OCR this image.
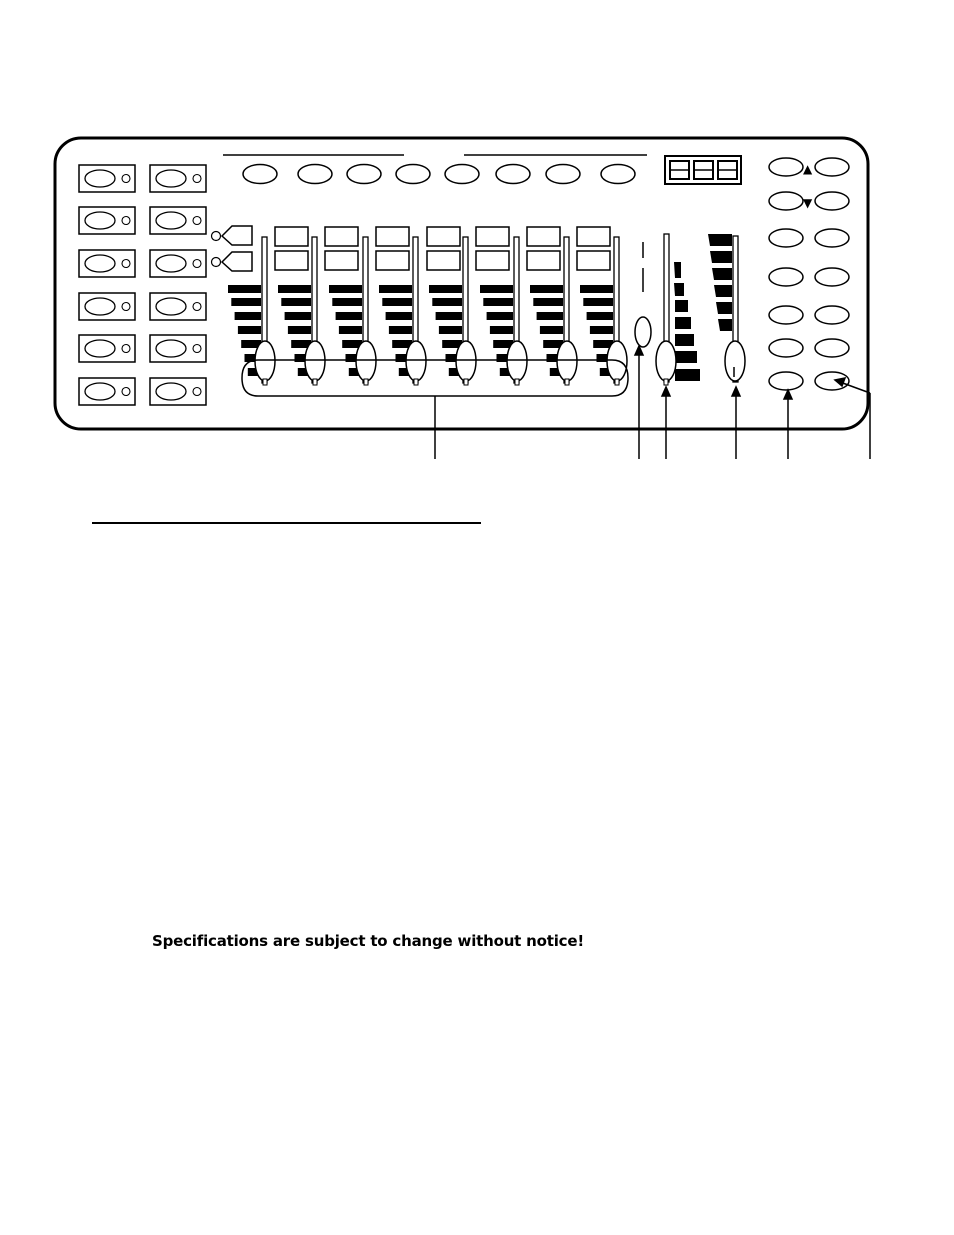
▲
▼
Specifications are subject to change without notice!
